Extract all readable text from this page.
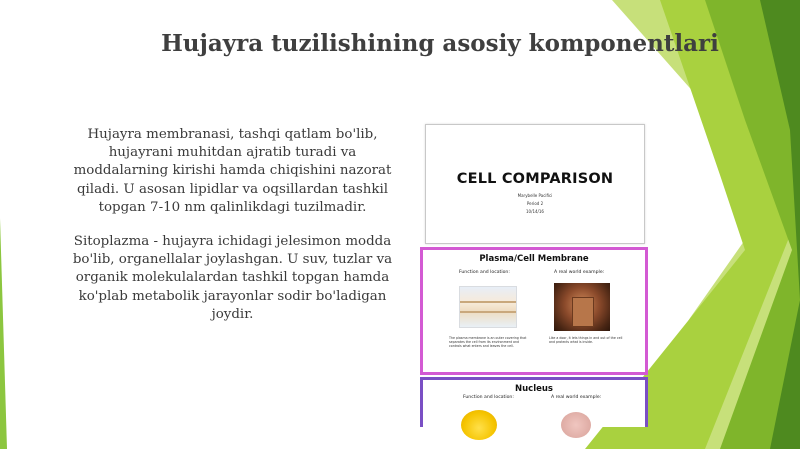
Hujayra tuzilishining asosiy komponentlari
Hujayra membranasi, tashqi qatlam bo'lib, hujayrani muhitdan ajratib turadi va moddalarning kirishi hamda chiqishini nazorat qiladi. U asosan lipidlar va oqsillardan tashkil topgan 7-10 nm qalinlikdagi tuzilmadir.
Sitoplazma - hujayra ichidagi jelesimon modda bo'lib, organellalar joylashgan. U suv, tuzlar va organik molekulalardan tashkil topgan hamda ko'plab metabolik jarayonlar sodir bo'ladigan joydir.
CELL COMPARISON
Marybelle Pacifici
Period 2
10/14/16
Plasma/Cell Membrane
Function and location:	A real world example:
The plasma membrane is an outer covering that separates the cell from its environment and controls what enters and leaves the cell.
Like a door, it lets things in and out of the cell and protects what is inside.
Nucleus
Function and location:	A real world example:
